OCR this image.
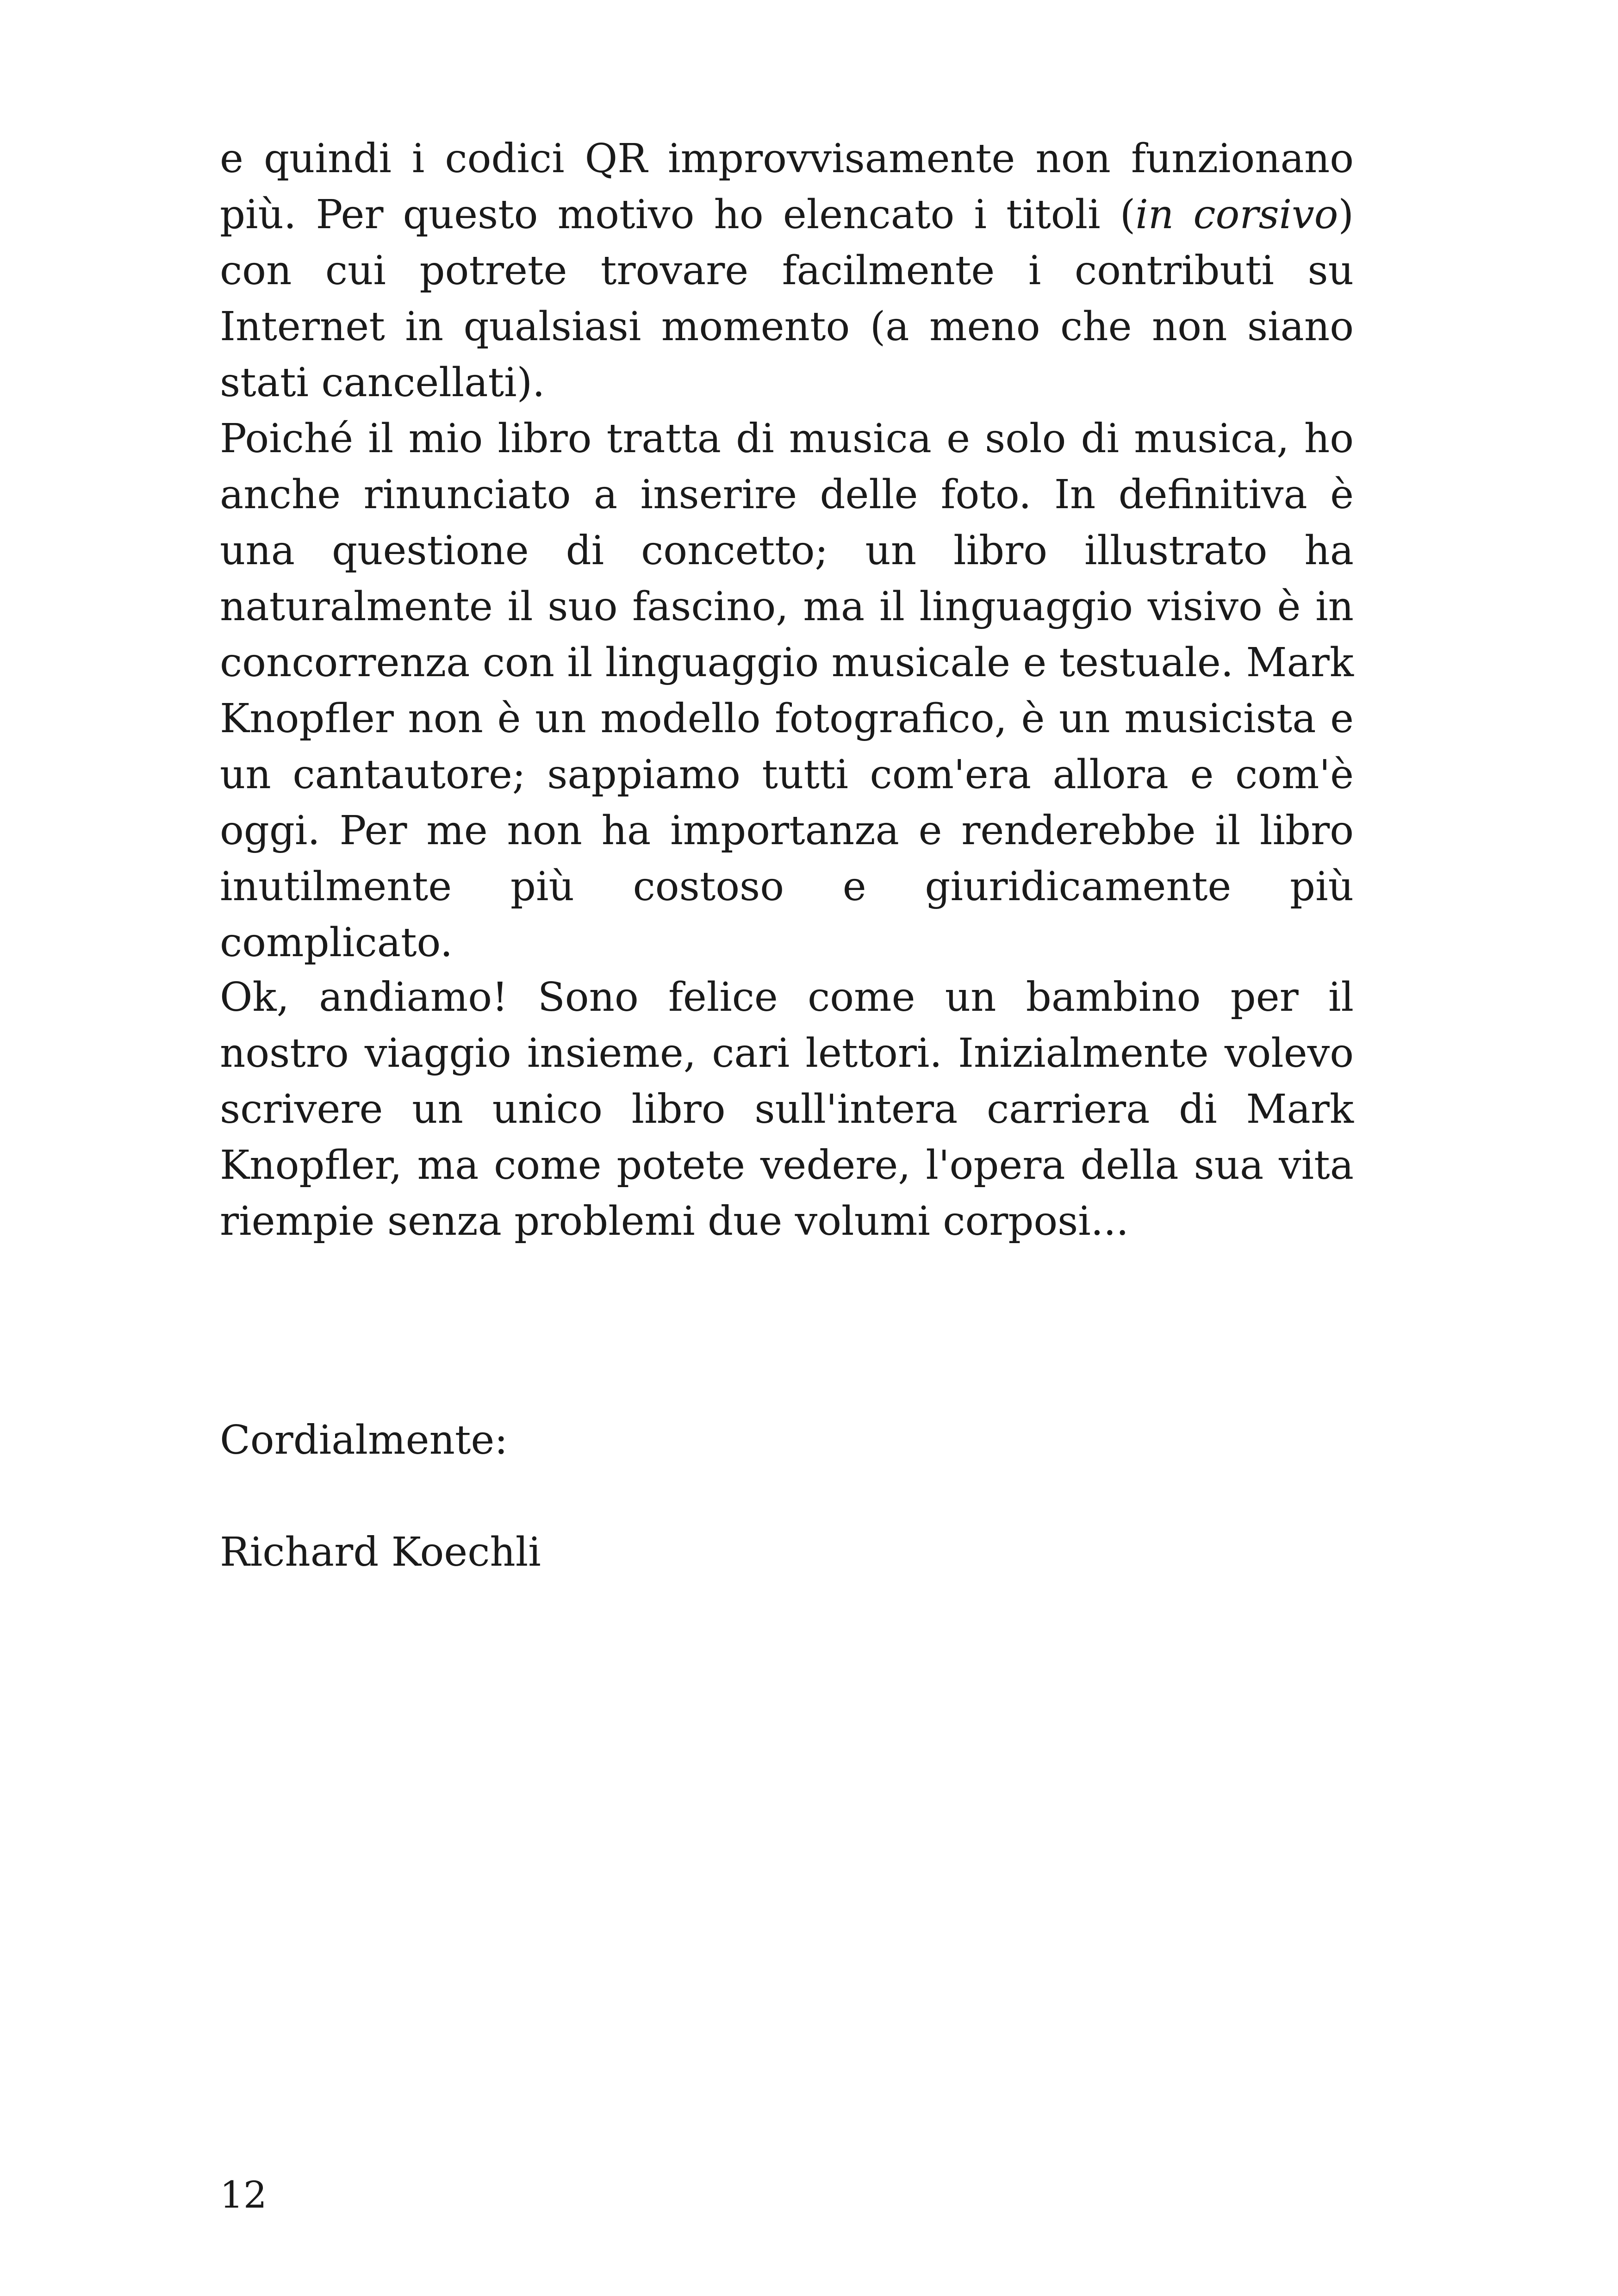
e quindi i codici QR improvvisamente non funzionano più. Per questo motivo ho elencato i titoli (in corsivo) con cui potrete trovare facilmente i contributi su Internet in qualsiasi momento (a meno che non siano stati cancellati).

Poiché il mio libro tratta di musica e solo di musica, ho anche rinunciato a inserire delle foto. In definitiva è una questione di concetto; un libro illustrato ha naturalmente il suo fascino, ma il linguaggio visivo è in concorrenza con il linguaggio musicale e testuale. Mark Knopfler non è un modello fotografico, è un musicista e un cantautore; sappiamo tutti com'era allora e com'è oggi. Per me non ha importanza e renderebbe il libro inutilmente più costoso e giuridicamente più complicato.

Ok, andiamo! Sono felice come un bambino per il nostro viaggio insieme, cari lettori. Inizialmente volevo scrivere un unico libro sull'intera carriera di Mark Knopfler, ma come potete vedere, l'opera della sua vita riempie senza problemi due volumi corposi...

Cordialmente:

Richard Koechli

12
